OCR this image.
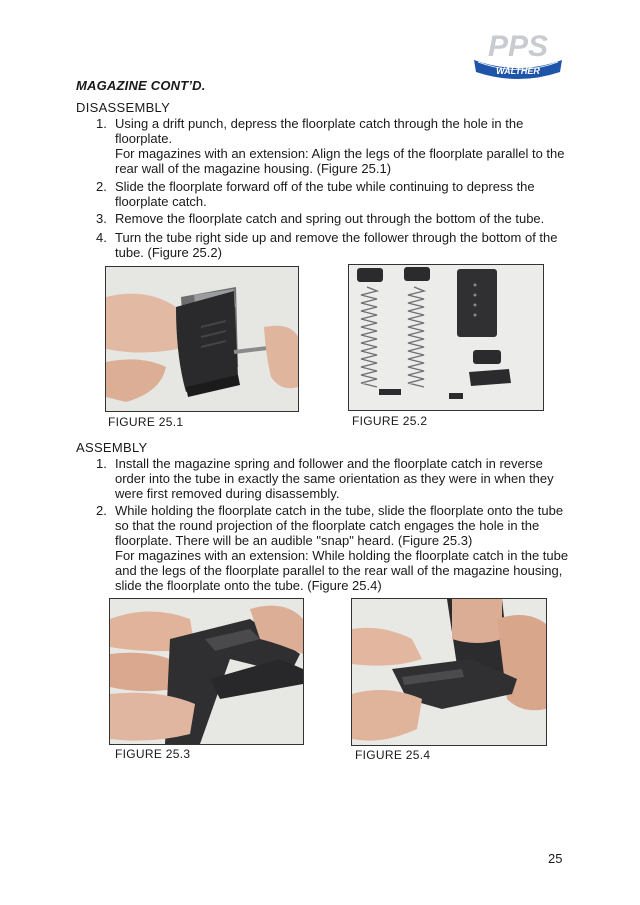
PPS
WALTHER
MAGAZINE CONT’D.
DISASSEMBLY
1. Using a drift punch, depress the floorplate catch through the hole in the floorplate.

For magazines with an extension: Align the legs of the floorplate parallel to the rear wall of the magazine housing. (Figure 25.1)

2. Slide the floorplate forward off of the tube while continuing to depress the floorplate catch.

3. Remove the floorplate catch and spring out through the bottom of the tube.

4. Turn the tube right side up and remove the follower through the bottom of the tube. (Figure 25.2)

FIGURE 25.1	FIGURE 25.2
ASSEMBLY
1. Install the magazine spring and follower and the floorplate catch in reverse order into the tube in exactly the same orientation as they were in when they were first removed during disassembly.

2. While holding the floorplate catch in the tube, slide the floorplate onto the tube so that the round projection of the floorplate catch engages the hole in the floorplate. There will be an audible "snap" heard. (Figure 25.3)

For magazines with an extension: While holding the floorplate catch in the tube and the legs of the floorplate parallel to the rear wall of the magazine housing, slide the floorplate onto the tube. (Figure 25.4)

FIGURE 25.3	FIGURE 25.4
25
